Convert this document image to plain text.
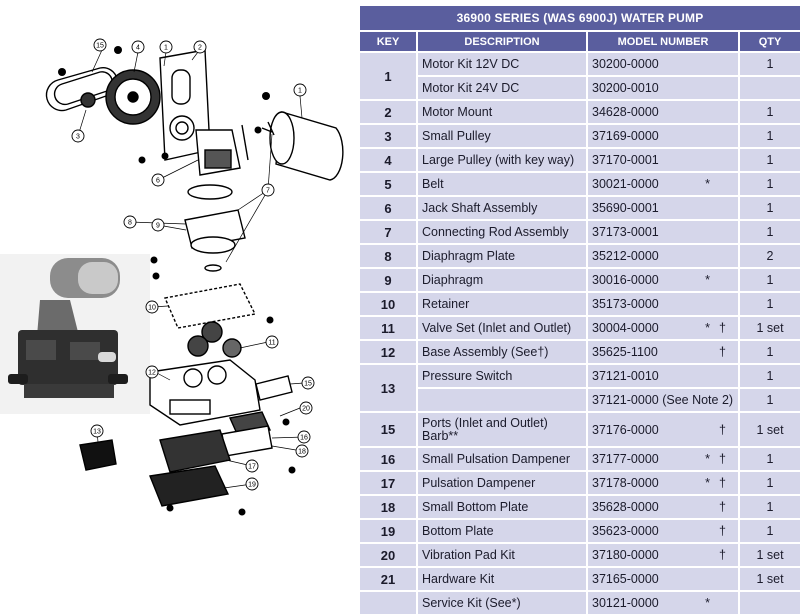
15	4	1	2
1
3
6
7
8	9
10
11
12
13
15
16
17
18
19
20
36900 SERIES (WAS 6900J) WATER PUMP			
KEY	DESCRIPTION	MODEL NUMBER	QTY
1	Motor Kit 12V DC	30200-0000	1
	Motor Kit 24V DC	30200-0010	
2	Motor Mount	34628-0000	1
3	Small Pulley	37169-0000	1
4	Large Pulley (with key way)	37170-0001	1
5	Belt	30021-0000 *	1
6	Jack Shaft Assembly	35690-0001	1
7	Connecting Rod Assembly	37173-0001	1
8	Diaphragm Plate	35212-0000	2
9	Diaphragm	30016-0000 *	1
10	Retainer	35173-0000	1
11	Valve Set (Inlet and Outlet)	30004-0000 * †	1 set
12	Base Assembly (See†)	35625-1100 †	1
13	Pressure Switch	37121-0010	1
		37121-0000 (See Note 2)	1
15	Ports (Inlet and Outlet) Barb**	37176-0000 †	1 set
16	Small Pulsation Dampener	37177-0000 * †	1
17	Pulsation Dampener	37178-0000 * †	1
18	Small Bottom Plate	35628-0000 †	1
19	Bottom Plate	35623-0000 †	1
20	Vibration Pad Kit	37180-0000 †	1 set
21	Hardware Kit	37165-0000	1 set
	Service Kit (See*)	30121-0000 *	
